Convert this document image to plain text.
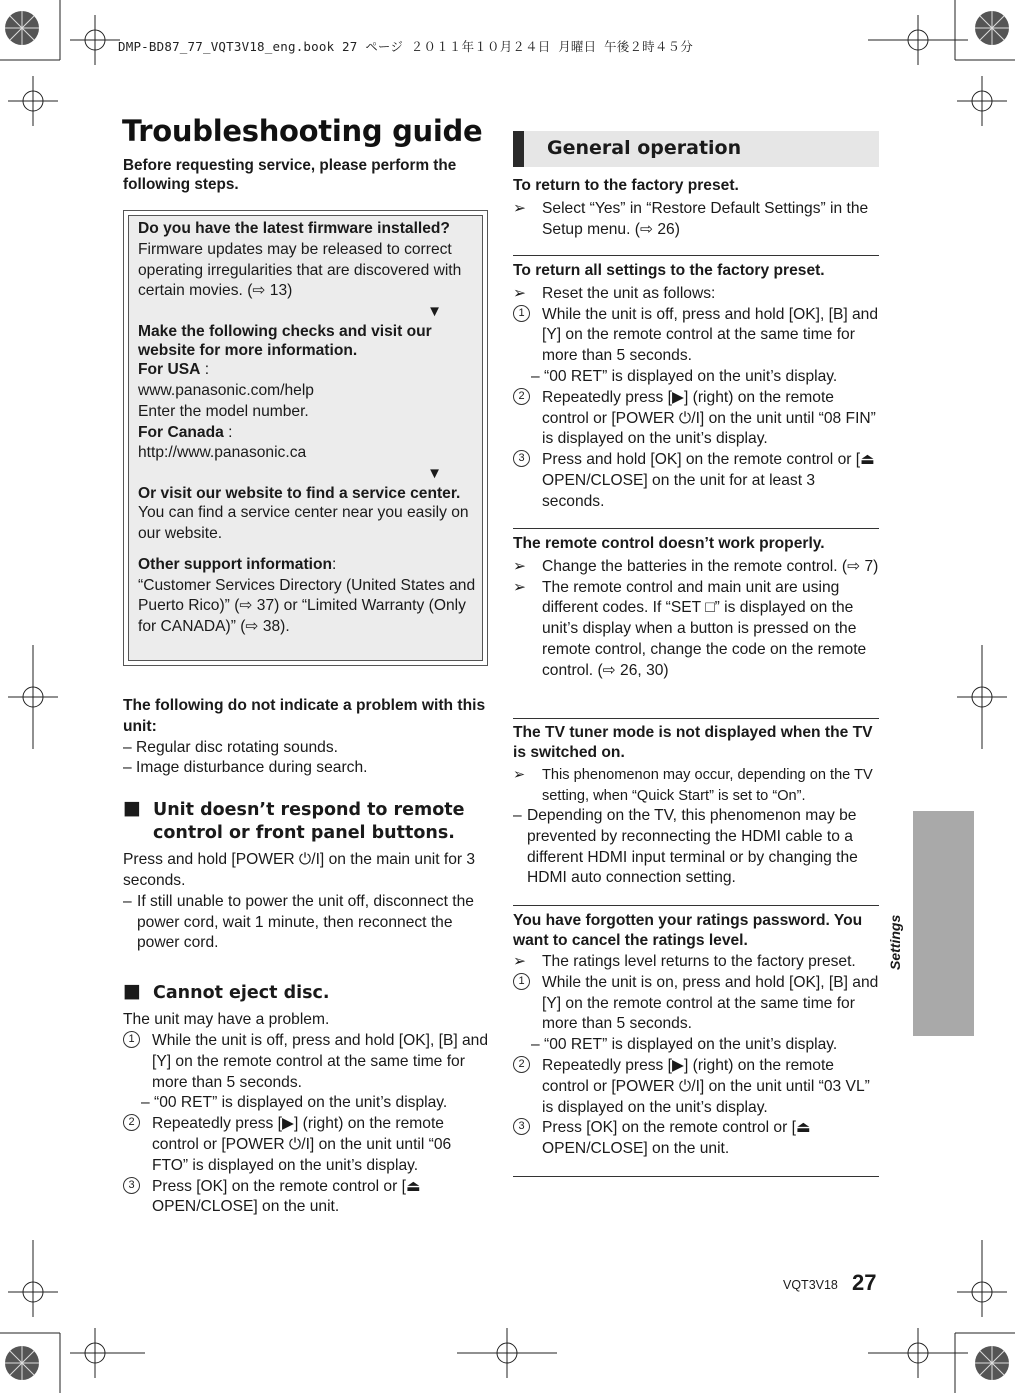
DMP-BD87_77_VQT3V18_eng.book 27 ページ ２０１１年１０月２４日 月曜日 午後２時４５分
Troubleshooting guide
Before requesting service, please perform the following steps.

Do you have the latest firmware installed?

Firmware updates may be released to correct operating irregularities that are discovered with certain movies. (⇨ 13)

▼

Make the following checks and visit our website for more information.

For USA :

www.panasonic.com/help

Enter the model number.

For Canada :

http://www.panasonic.ca

▼

Or visit our website to find a service center.

You can find a service center near you easily on our website.

Other support information:

“Customer Services Directory (United States and Puerto Rico)” (⇨ 37) or “Limited Warranty (Only for CANADA)” (⇨ 38).

The following do not indicate a problem with this unit:

– Regular disc rotating sounds.

– Image disturbance during search.

■ Unit doesn’t respond to remote control or front panel buttons.

Press and hold [POWER ⏻/I] on the main unit for 3 seconds.

– If still unable to power the unit off, disconnect the power cord, wait 1 minute, then reconnect the power cord.
■ Cannot eject disc.

The unit may have a problem.

1	While the unit is off, press and hold [OK], [B] and [Y] on the remote control at the same time for more than 5 seconds.

– “00 RET” is displayed on the unit’s display.

2	Repeatedly press [▶] (right) on the remote control or [POWER ⏻/I] on the unit until “06 FTO” is displayed on the unit’s display.
3	Press [OK] on the remote control or [⏏ OPEN/CLOSE] on the unit.
General operation

To return to the factory preset.

➢ Select “Yes” in “Restore Default Settings” in the Setup menu. (⇨ 26)

To return all settings to the factory preset.

➢ Reset the unit as follows:
1	While the unit is off, press and hold [OK], [B] and [Y] on the remote control at the same time for more than 5 seconds.

– “00 RET” is displayed on the unit’s display.

2	Repeatedly press [▶] (right) on the remote control or [POWER ⏻/I] on the unit until “08 FIN” is displayed on the unit’s display.
3	Press and hold [OK] on the remote control or [⏏ OPEN/CLOSE] on the unit for at least 3 seconds.

The remote control doesn’t work properly.

➢ Change the batteries in the remote control. (⇨ 7)
➢ The remote control and main unit are using different codes. If “SET □” is displayed on the unit’s display when a button is pressed on the remote control, change the code on the remote control. (⇨ 26, 30)

The TV tuner mode is not displayed when the TV is switched on.

➢ This phenomenon may occur, depending on the TV setting, when “Quick Start” is set to “On”.
– Depending on the TV, this phenomenon may be prevented by reconnecting the HDMI cable to a different HDMI input terminal or by changing the HDMI auto connection setting.

You have forgotten your ratings password. You want to cancel the ratings level.

➢ The ratings level returns to the factory preset.
1	While the unit is on, press and hold [OK], [B] and [Y] on the remote control at the same time for more than 5 seconds.

– “00 RET” is displayed on the unit’s display.

2	Repeatedly press [▶] (right) on the remote control or [POWER ⏻/I] on the unit until “03 VL” is displayed on the unit’s display.
3	Press [OK] on the remote control or [⏏ OPEN/CLOSE] on the unit.
Settings
VQT3V18 27
